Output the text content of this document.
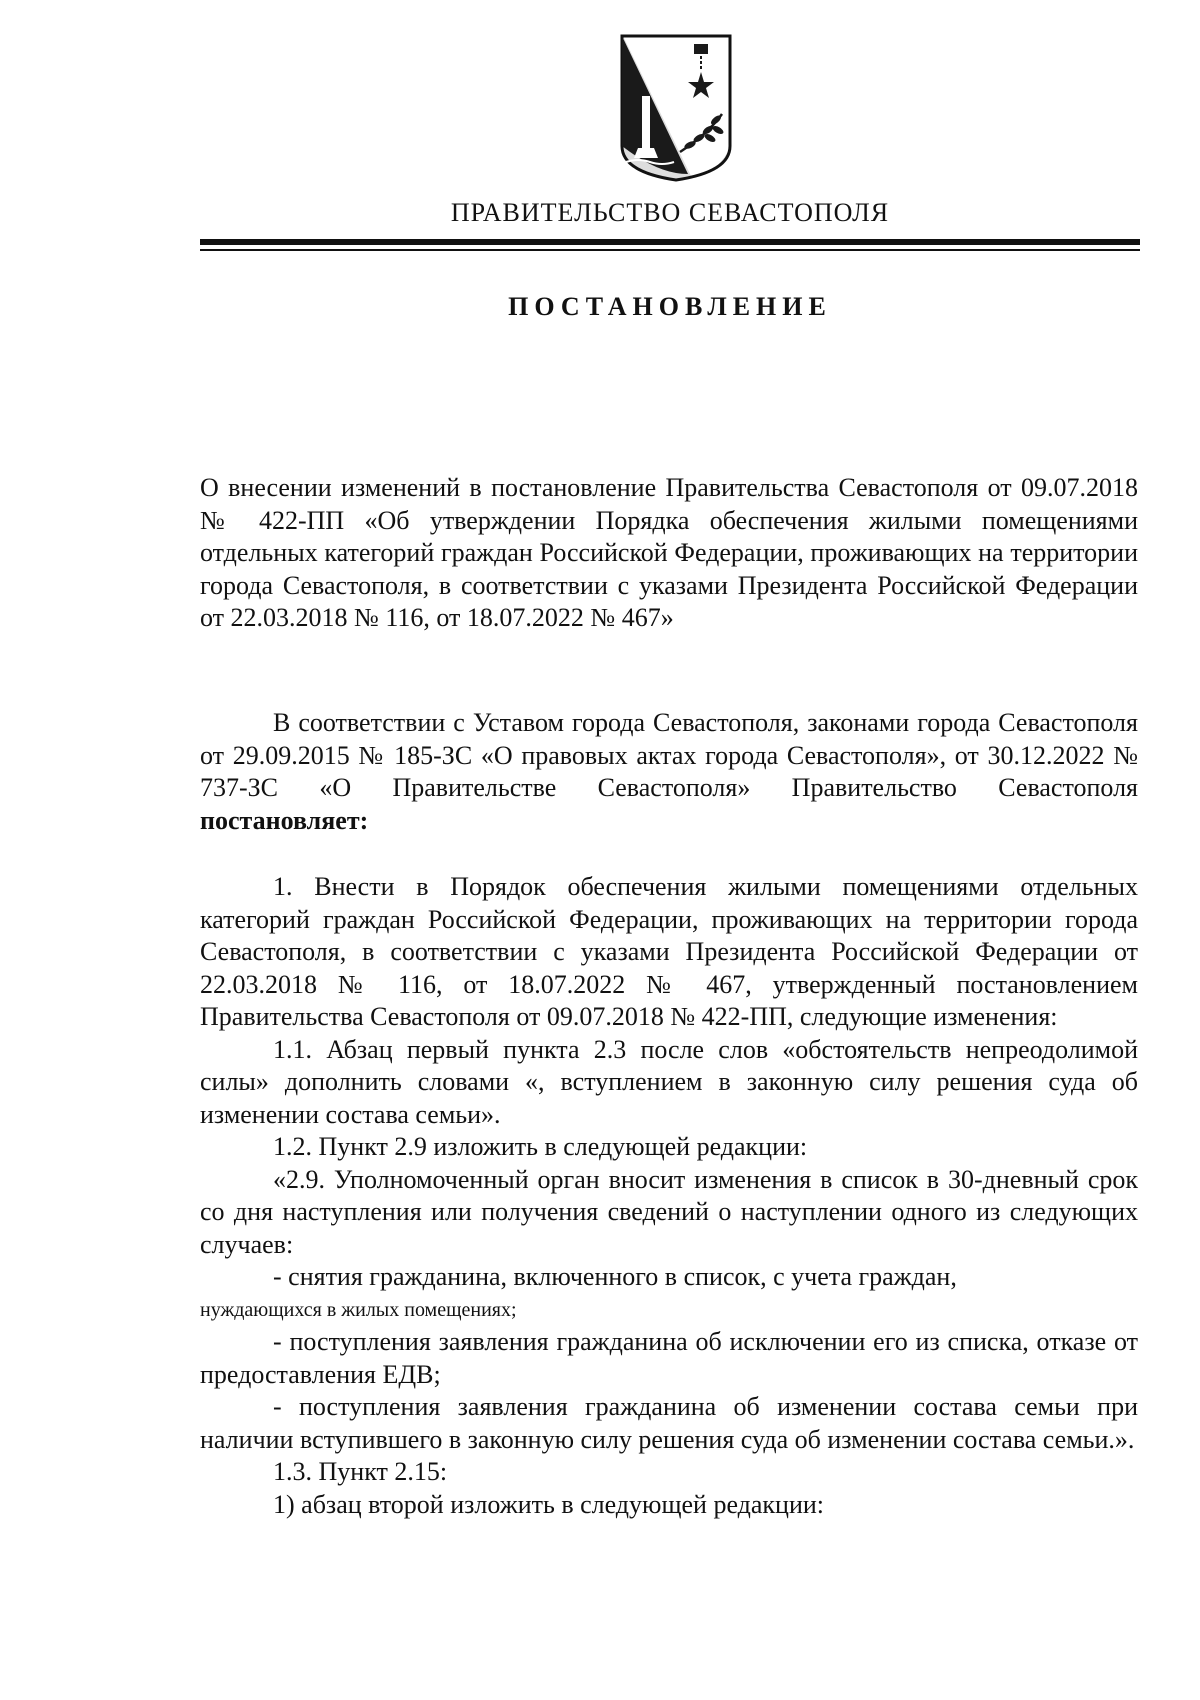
ПРАВИТЕЛЬСТВО СЕВАСТОПОЛЯ
ПОСТАНОВЛЕНИЕ

О внесении изменений в постановление Правительства Севастополя от 09.07.2018 № 422-ПП «Об утверждении Порядка обеспечения жилыми помещениями отдельных категорий граждан Российской Федерации, проживающих на территории города Севастополя, в соответствии с указами Президента Российской Федерации от 22.03.2018 № 116, от 18.07.2022 № 467»

В соответствии с Уставом города Севастополя, законами города Севастополя от 29.09.2015 № 185-ЗС «О правовых актах города Севастополя», от 30.12.2022 № 737-ЗС «О Правительстве Севастополя» Правительство Севастополя постановляет:

1. Внести в Порядок обеспечения жилыми помещениями отдельных категорий граждан Российской Федерации, проживающих на территории города Севастополя, в соответствии с указами Президента Российской Федерации от 22.03.2018 № 116, от 18.07.2022 № 467, утвержденный постановлением Правительства Севастополя от 09.07.2018 № 422-ПП, следующие изменения:

1.1. Абзац первый пункта 2.3 после слов «обстоятельств непреодолимой силы» дополнить словами «, вступлением в законную силу решения суда об изменении состава семьи».

1.2. Пункт 2.9 изложить в следующей редакции:

«2.9. Уполномоченный орган вносит изменения в список в 30-дневный срок со дня наступления или получения сведений о наступлении одного из следующих случаев:

- снятия гражданина, включенного в список, с учета граждан,

нуждающихся в жилых помещениях;

- поступления заявления гражданина об исключении его из списка, отказе от предоставления ЕДВ;

- поступления заявления гражданина об изменении состава семьи при наличии вступившего в законную силу решения суда об изменении состава семьи.».

1.3. Пункт 2.15:

1) абзац второй изложить в следующей редакции:
